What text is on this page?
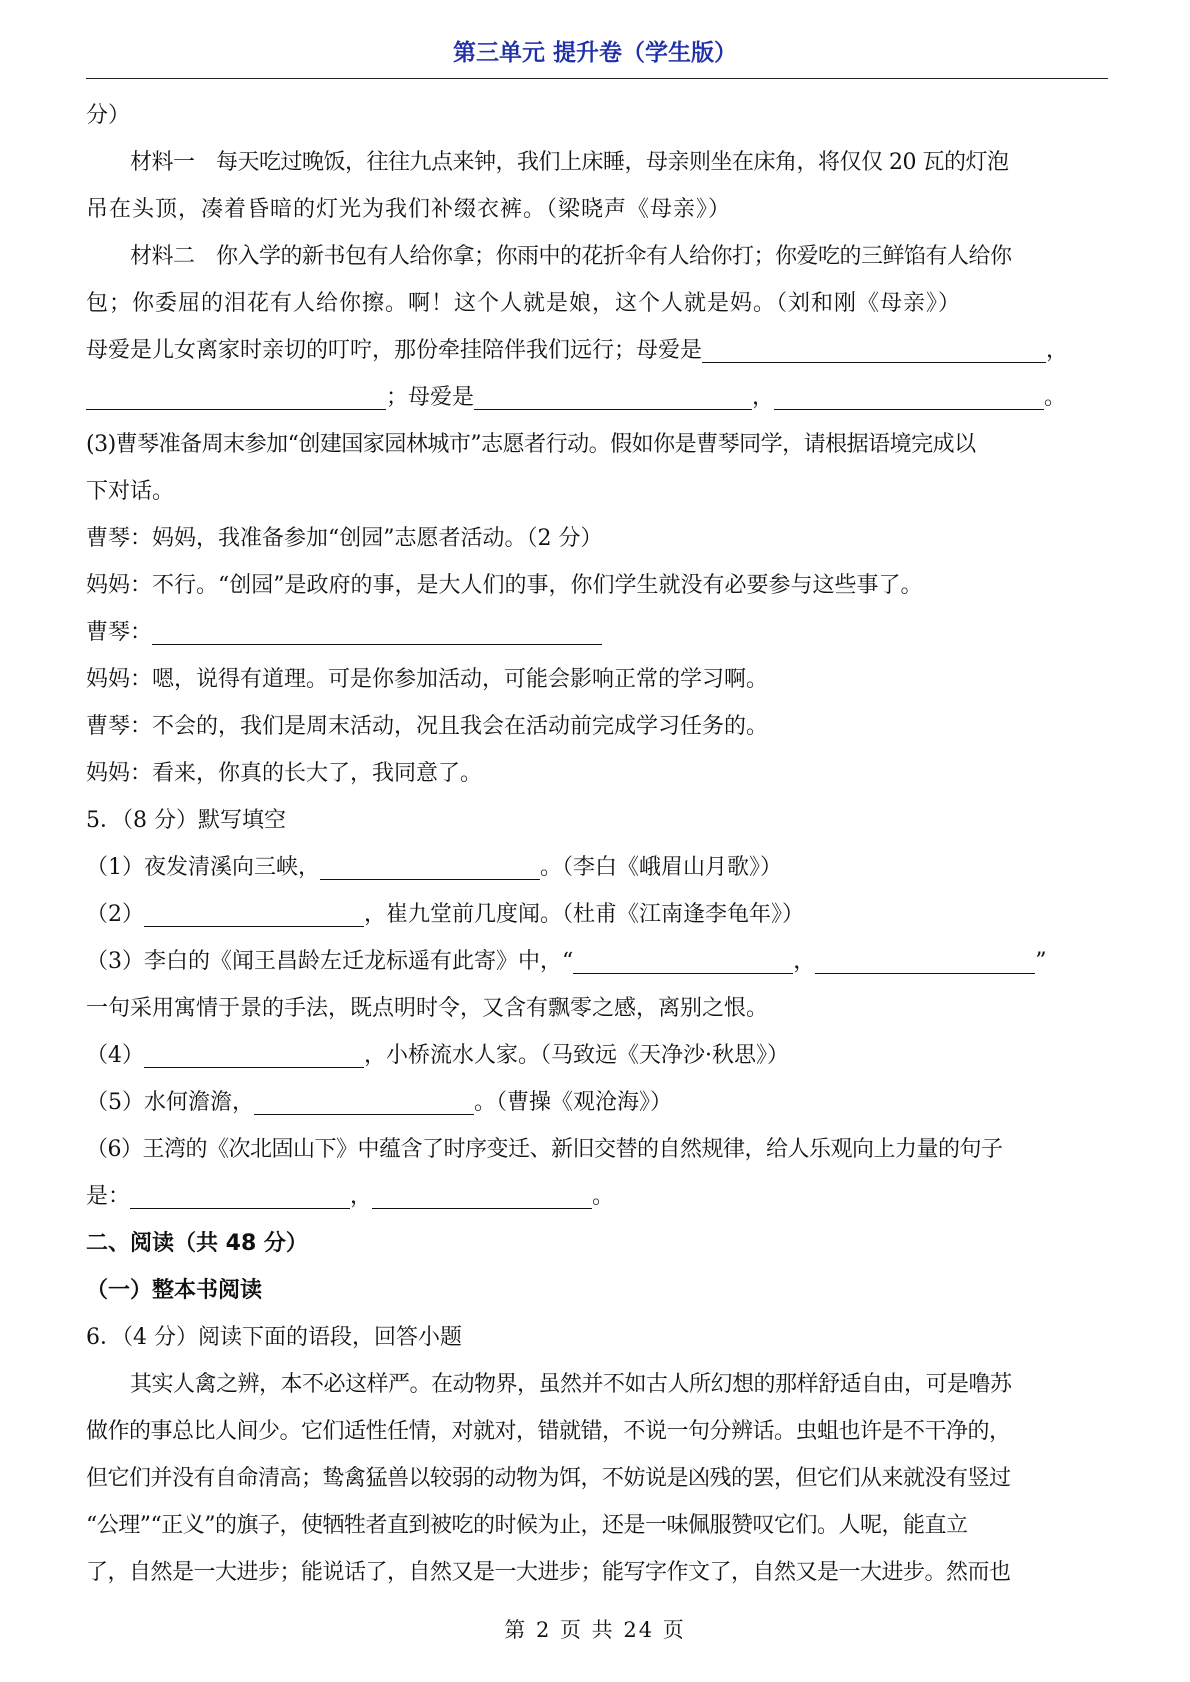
第三单元 提升卷（学生版）
分）
材料一　每天吃过晚饭，往往九点来钟，我们上床睡，母亲则坐在床角，将仅仅 20 瓦的灯泡
吊在头顶，凑着昏暗的灯光为我们补缀衣裤。（梁晓声《母亲》）
材料二　你入学的新书包有人给你拿；你雨中的花折伞有人给你打；你爱吃的三鲜馅有人给你
包；你委屈的泪花有人给你擦。啊！这个人就是娘，这个人就是妈。（刘和刚《母亲》）
母爱是儿女离家时亲切的叮咛，那份牵挂陪伴我们远行；母爱是	，
；母爱是	，	。
(3)曹琴准备周末参加“创建国家园林城市”志愿者行动。假如你是曹琴同学，请根据语境完成以
下对话。
曹琴：妈妈，我准备参加“创园”志愿者活动。（2 分）
妈妈：不行。“创园”是政府的事，是大人们的事，你们学生就没有必要参与这些事了。
曹琴：
妈妈：嗯，说得有道理。可是你参加活动，可能会影响正常的学习啊。
曹琴：不会的，我们是周末活动，况且我会在活动前完成学习任务的。
妈妈：看来，你真的长大了，我同意了。
5．（8 分）默写填空
（1）夜发清溪向三峡，	。（李白《峨眉山月歌》）
（2）	，崔九堂前几度闻。（杜甫《江南逢李龟年》）
（3）李白的《闻王昌龄左迁龙标遥有此寄》中，“	，	”
一句采用寓情于景的手法，既点明时令，又含有飘零之感，离别之恨。
（4）	，小桥流水人家。（马致远《天净沙·秋思》）
（5）水何澹澹，	。（曹操《观沧海》）
（6）王湾的《次北固山下》中蕴含了时序变迁、新旧交替的自然规律，给人乐观向上力量的句子
是：	，	。
二、阅读（共 48 分）
（一）整本书阅读
6．（4 分）阅读下面的语段，回答小题
其实人禽之辨，本不必这样严。在动物界，虽然并不如古人所幻想的那样舒适自由，可是噜苏
做作的事总比人间少。它们适性任情，对就对，错就错，不说一句分辨话。虫蛆也许是不干净的，
但它们并没有自命清高；鸷禽猛兽以较弱的动物为饵，不妨说是凶残的罢，但它们从来就没有竖过
“公理”“正义”的旗子，使牺牲者直到被吃的时候为止，还是一味佩服赞叹它们。人呢，能直立
了，自然是一大进步；能说话了，自然又是一大进步；能写字作文了，自然又是一大进步。然而也
第 2 页 共 24 页
